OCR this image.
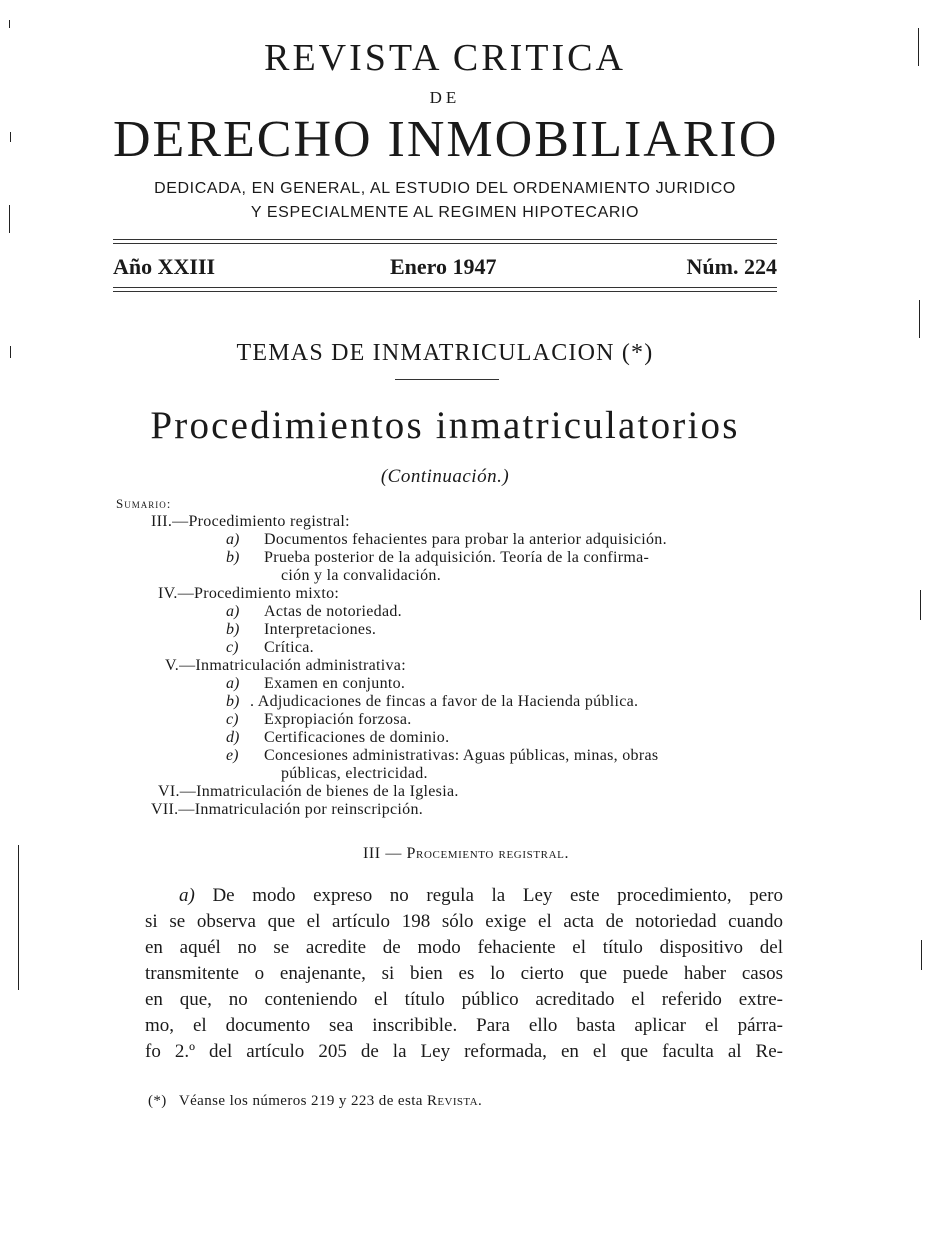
REVISTA CRITICA
DE
DERECHO INMOBILIARIO
DEDICADA, EN GENERAL, AL ESTUDIO DEL ORDENAMIENTO JURIDICO
Y ESPECIALMENTE AL REGIMEN HIPOTECARIO
Año XXIII	Enero 1947	Núm. 224
TEMAS DE INMATRICULACION (*)
Procedimientos inmatriculatorios
(Continuación.)
Sumario:
III.—Procedimiento registral:
a) Documentos fehacientes para probar la anterior adquisición.
b) Prueba posterior de la adquisición. Teoría de la confirma-
ción y la convalidación.
IV.—Procedimiento mixto:
a) Actas de notoriedad.
b) Interpretaciones.
c) Crítica.
V.—Inmatriculación administrativa:
a) Examen en conjunto.
b) . Adjudicaciones de fincas a favor de la Hacienda pública.
c) Expropiación forzosa.
d) Certificaciones de dominio.
e) Concesiones administrativas: Aguas públicas, minas, obras
públicas, electricidad.
VI.—Inmatriculación de bienes de la Iglesia.
VII.—Inmatriculación por reinscripción.
III — Procemiento registral.
a) De modo expreso no regula la Ley este procedimiento, pero
si se observa que el artículo 198 sólo exige el acta de notoriedad cuando
en aquél no se acredite de modo fehaciente el título dispositivo del
transmitente o enajenante, si bien es lo cierto que puede haber casos
en que, no conteniendo el título público acreditado el referido extre-
mo, el documento sea inscribible. Para ello basta aplicar el párra-
fo 2.º del artículo 205 de la Ley reformada, en el que faculta al Re-
(*) Véanse los números 219 y 223 de esta Revista.
